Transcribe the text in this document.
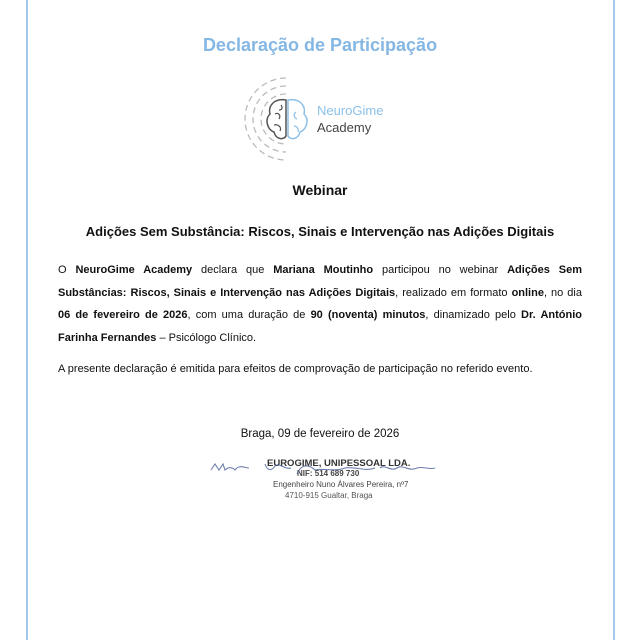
Declaração de Participação
NeuroGime
Academy
Webinar
Adições Sem Substância: Riscos, Sinais e Intervenção nas Adições Digitais
O NeuroGime Academy declara que Mariana Moutinho participou no webinar Adições Sem Substâncias: Riscos, Sinais e Intervenção nas Adições Digitais, realizado em formato online, no dia 06 de fevereiro de 2026, com uma duração de 90 (noventa) minutos, dinamizado pelo Dr. António Farinha Fernandes – Psicólogo Clínico.
A presente declaração é emitida para efeitos de comprovação de participação no referido evento.
Braga, 09 de fevereiro de 2026
EUROGIME, UNIPESSOAL LDA.
NIF: 514 689 730
Engenheiro Nuno Álvares Pereira, nº7
4710-915 Gualtar, Braga
